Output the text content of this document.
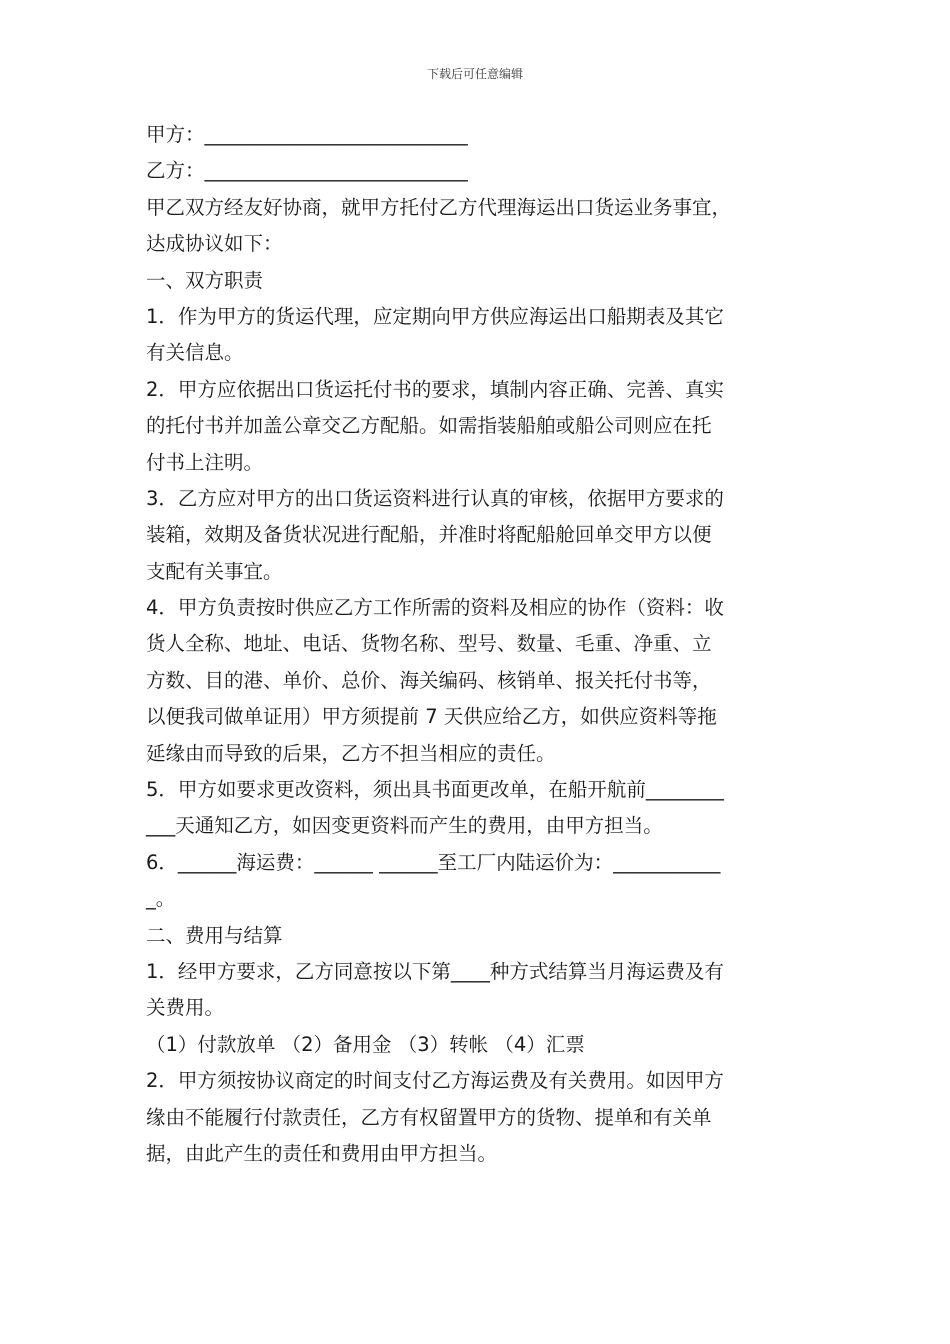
下载后可任意编辑
甲方：___________________________
乙方：___________________________
甲乙双方经友好协商，就甲方托付乙方代理海运出口货运业务事宜，
达成协议如下：
一、双方职责
1．作为甲方的货运代理，应定期向甲方供应海运出口船期表及其它
有关信息。
2．甲方应依据出口货运托付书的要求，填制内容正确、完善、真实
的托付书并加盖公章交乙方配船。如需指装船舶或船公司则应在托
付书上注明。
3．乙方应对甲方的出口货运资料进行认真的审核，依据甲方要求的
装箱，效期及备货状况进行配船，并准时将配船舱回单交甲方以便
支配有关事宜。
4．甲方负责按时供应乙方工作所需的资料及相应的协作（资料：收
货人全称、地址、电话、货物名称、型号、数量、毛重、净重、立
方数、目的港、单价、总价、海关编码、核销单、报关托付书等，
以便我司做单证用）甲方须提前 7 天供应给乙方，如供应资料等拖
延缘由而导致的后果，乙方不担当相应的责任。
5．甲方如要求更改资料，须出具书面更改单，在船开航前________
___天通知乙方，如因变更资料而产生的费用，由甲方担当。
6．______海运费：______ ______至工厂内陆运价为：___________
_。
二、费用与结算
1．经甲方要求，乙方同意按以下第____种方式结算当月海运费及有
关费用。
（1）付款放单 （2）备用金 （3）转帐 （4）汇票
2．甲方须按协议商定的时间支付乙方海运费及有关费用。如因甲方
缘由不能履行付款责任，乙方有权留置甲方的货物、提单和有关单
据，由此产生的责任和费用由甲方担当。
